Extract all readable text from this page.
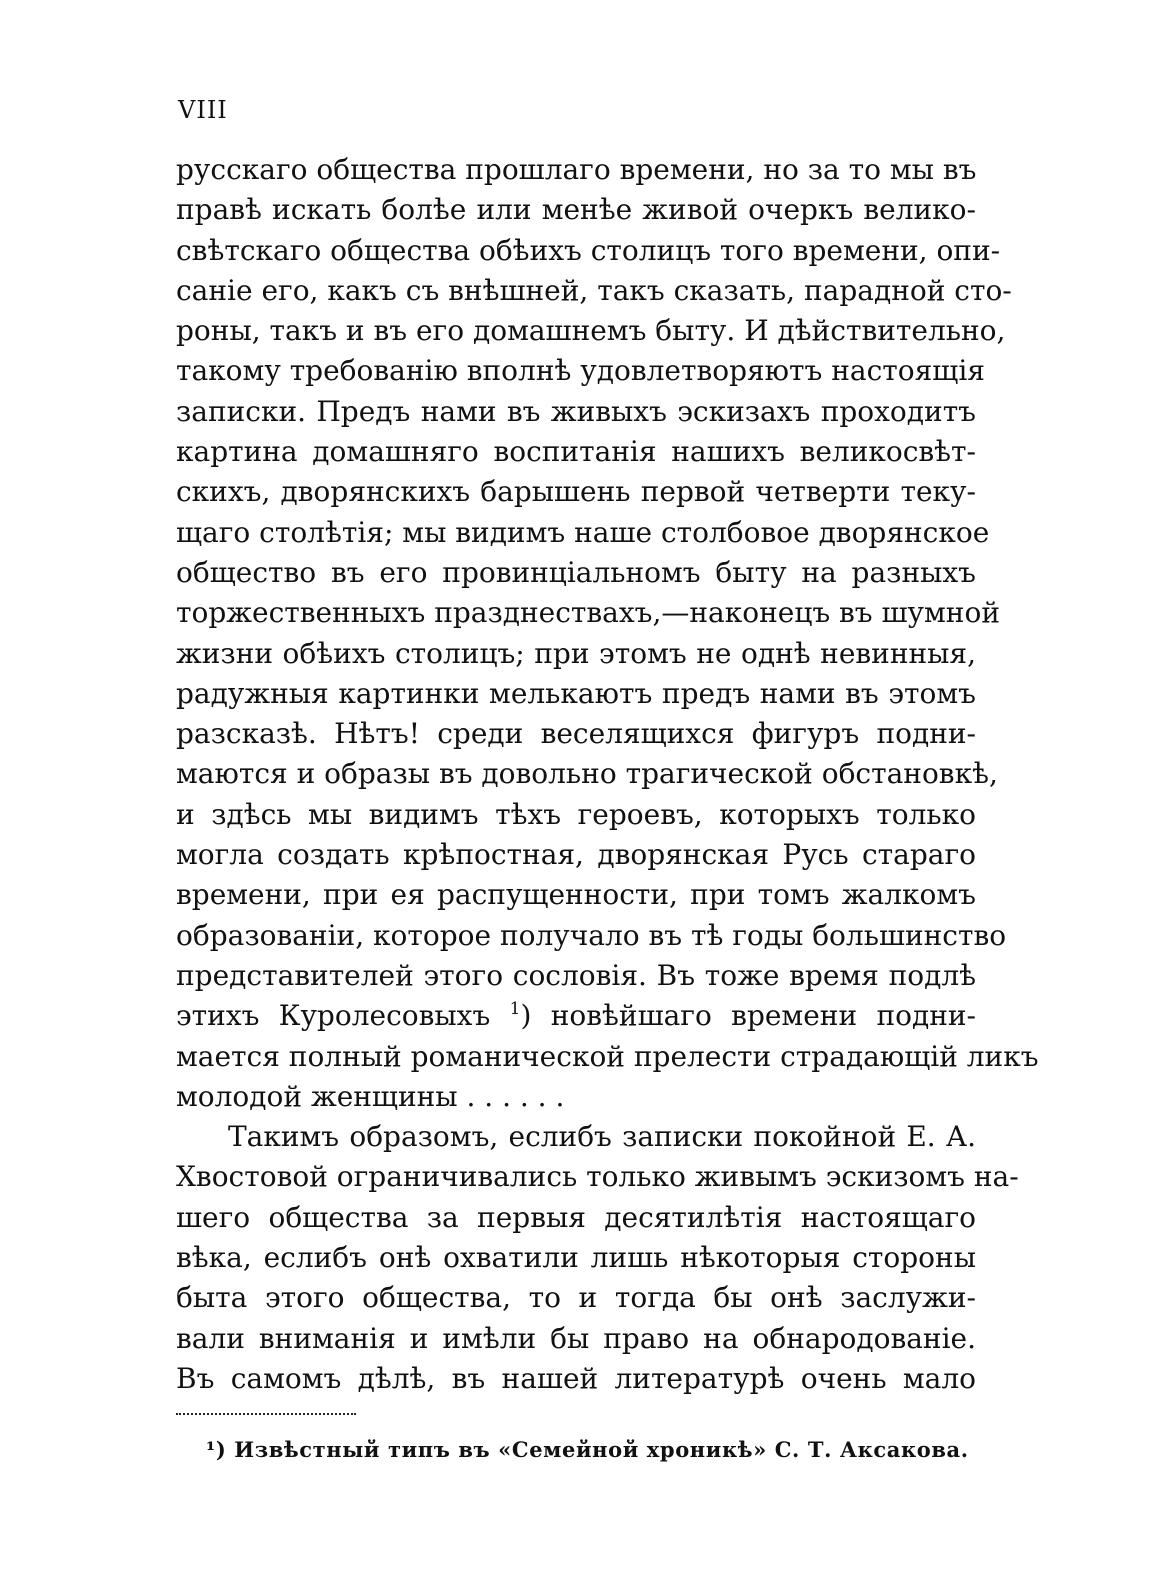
VIII
русскаго общества прошлаго времени, но за то мы въ
правѣ искать болѣе или менѣе живой очеркъ велико-
свѣтскаго общества обѣихъ столицъ того времени, опи-
саніе его, какъ съ внѣшней, такъ сказать, парадной сто-
роны, такъ и въ его домашнемъ быту. И дѣйствительно,
такому требованію вполнѣ удовлетворяютъ настоящія
записки. Предъ нами въ живыхъ эскизахъ проходитъ
картина домашняго воспитанія нашихъ великосвѣт-
скихъ, дворянскихъ барышень первой четверти теку-
щаго столѣтія; мы видимъ наше столбовое дворянское
общество въ его провинціальномъ быту на разныхъ
торжественныхъ празднествахъ,—наконецъ въ шумной
жизни обѣихъ столицъ; при этомъ не однѣ невинныя,
радужныя картинки мелькаютъ предъ нами въ этомъ
разсказѣ. Нѣтъ! среди веселящихся фигуръ подни-
маются и образы въ довольно трагической обстановкѣ,
и здѣсь мы видимъ тѣхъ героевъ, которыхъ только
могла создать крѣпостная, дворянская Русь стараго
времени, при ея распущенности, при томъ жалкомъ
образованіи, которое получало въ тѣ годы большинство
представителей этого сословія. Въ тоже время подлѣ
этихъ Куролесовыхъ $^1$) новѣйшаго времени подни-
мается полный романической прелести страдающій ликъ
молодой женщины . . . . . .
Такимъ образомъ, еслибъ записки покойной Е. А.
Хвостовой ограничивались только живымъ эскизомъ на-
шего общества за первыя десятилѣтія настоящаго
вѣка, еслибъ онѣ охватили лишь нѣкоторыя стороны
быта этого общества, то и тогда бы онѣ заслужи-
вали вниманія и имѣли бы право на обнародованіе.
Въ самомъ дѣлѣ, въ нашей литературѣ очень мало
¹) Извѣстный типъ въ «Семейной хроникѣ» С. Т. Аксакова.
